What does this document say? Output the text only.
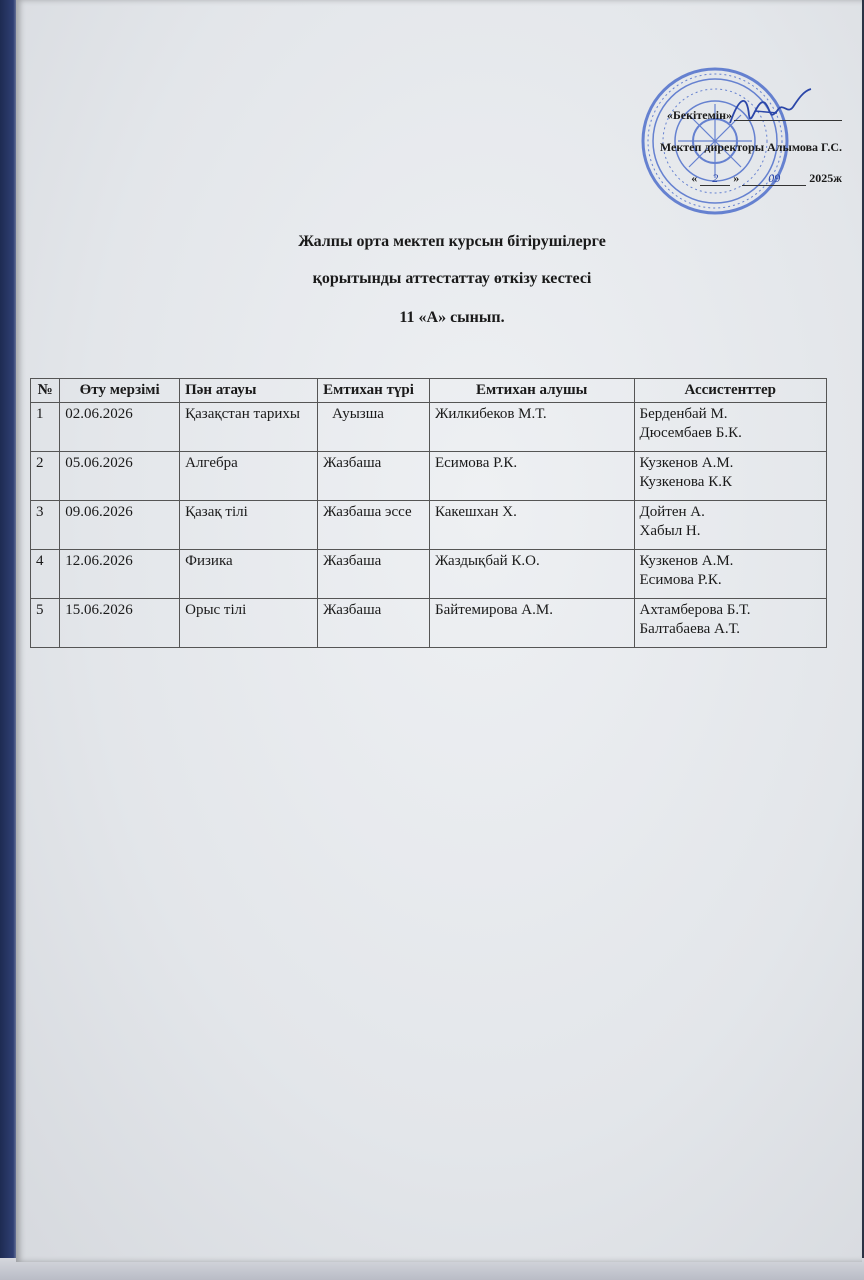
«Бекітемін»
Мектеп директоры Алымова Г.С.
« 2 » 09 2025ж
Жалпы орта мектеп курсын бітірушілерге
қорытынды аттестаттау өткізу кестесі
11 «А» сынып.
№	Өту мерзімі	Пән атауы	Емтихан түрі	Емтихан алушы	Ассистенттер
1	02.06.2026	Қазақстан тарихы	Ауызша	Жилкибеков М.Т.	Берденбай М.
Дюсембаев Б.К.

2	05.06.2026	Алгебра	Жазбаша	Есимова Р.К.	Кузкенов А.М.
Кузкенова К.К

3	09.06.2026	Қазақ тілі	Жазбаша эссе	Какешхан Х.	Дойтен А.
Хабыл Н.

4	12.06.2026	Физика	Жазбаша	Жаздықбай К.О.	Кузкенов А.М.
Есимова Р.К.

5	15.06.2026	Орыс тілі	Жазбаша	Байтемирова А.М.	Ахтамберова Б.Т.
Балтабаева А.Т.
